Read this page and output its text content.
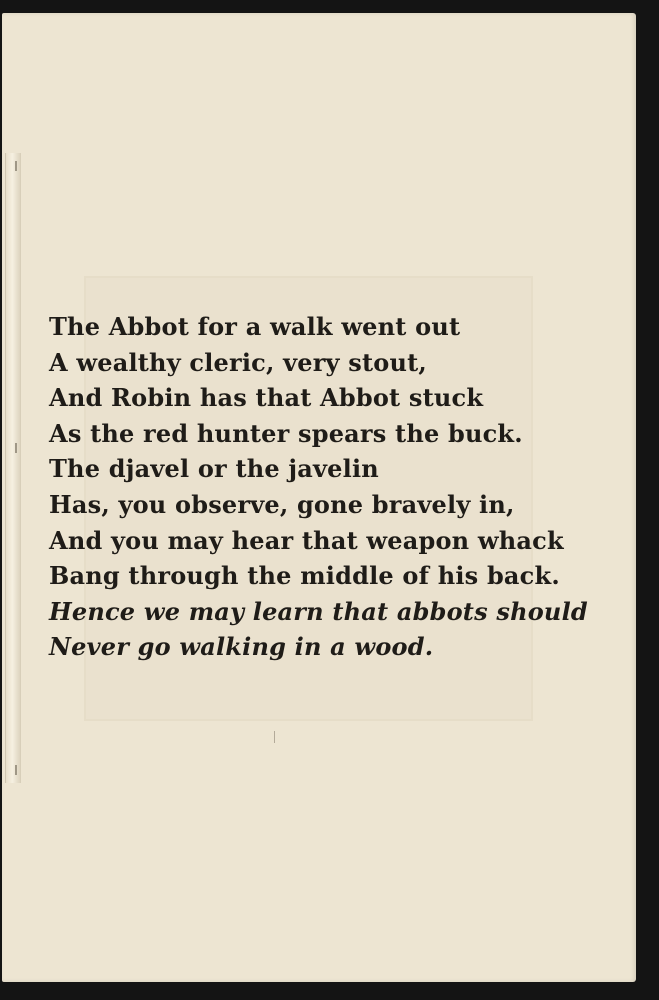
The Abbot for a walk went out
A wealthy cleric, very stout,
And Robin has that Abbot stuck
As the red hunter spears the buck.
The djavel or the javelin
Has, you observe, gone bravely in,
And you may hear that weapon whack
Bang through the middle of his back.
Hence we may learn that abbots should
Never go walking in a wood.
